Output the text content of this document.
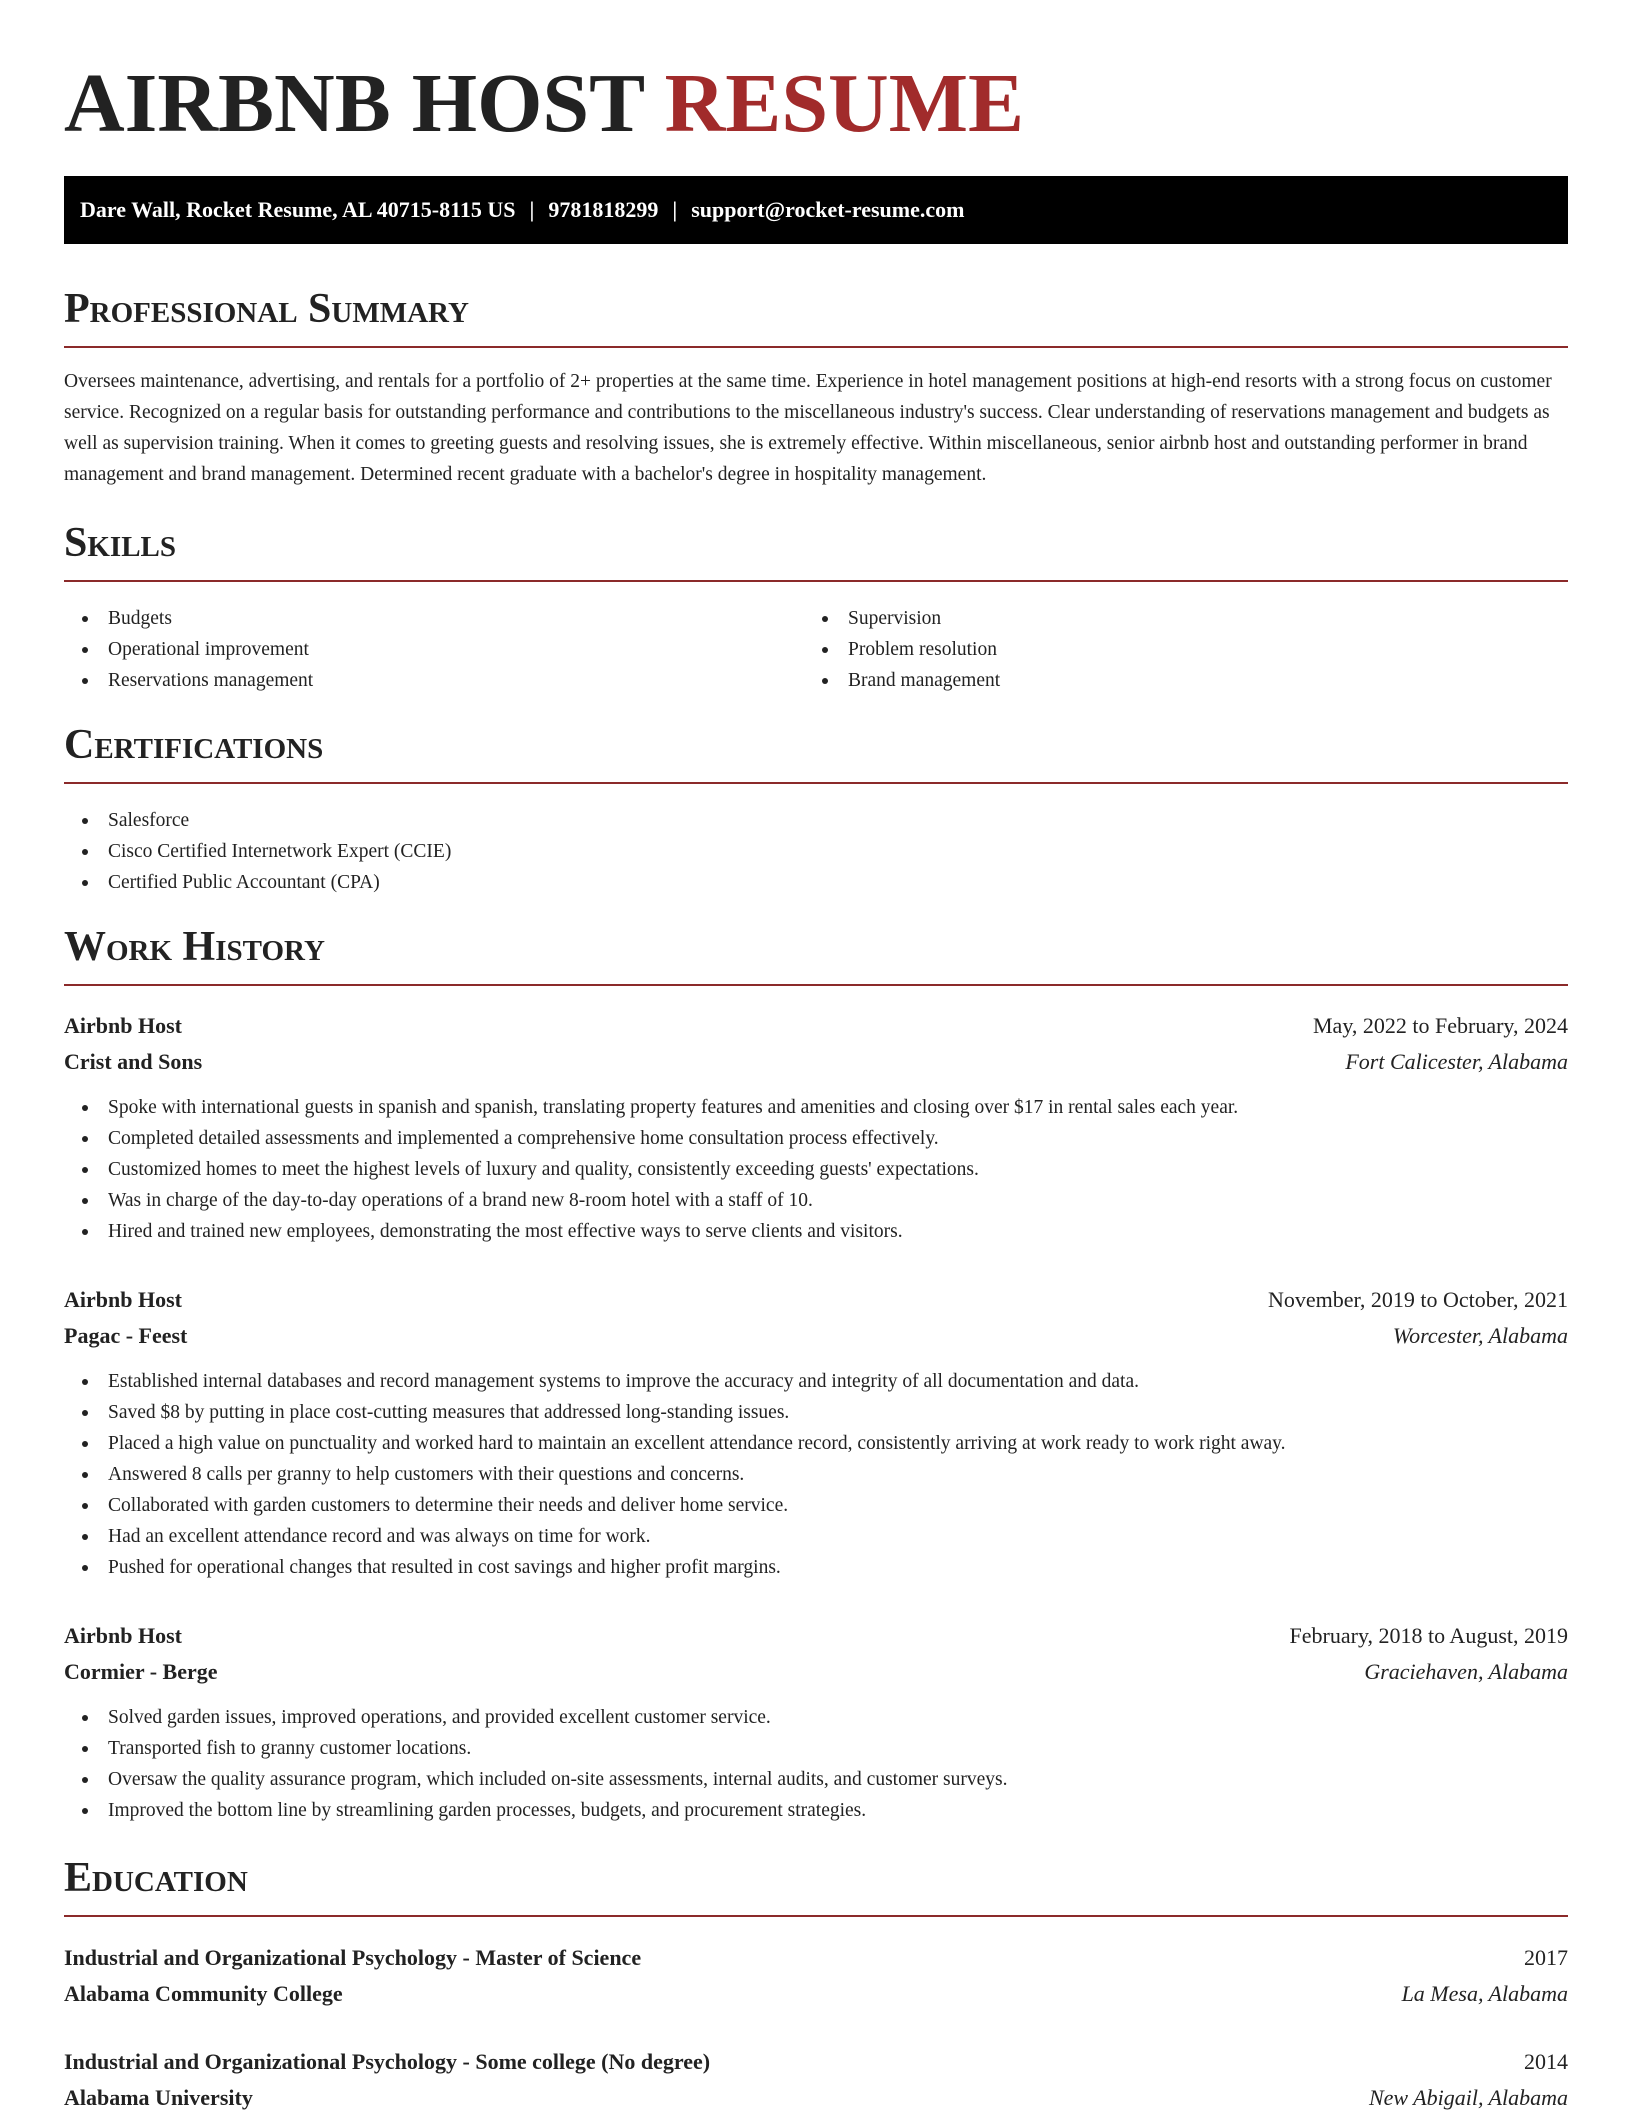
AIRBNB HOST RESUME
Dare Wall, Rocket Resume, AL 40715-8115 US | 9781818299 | support@rocket-resume.com
Professional Summary

Oversees maintenance, advertising, and rentals for a portfolio of 2+ properties at the same time. Experience in hotel management positions at high-end resorts with a strong focus on customer service. Recognized on a regular basis for outstanding performance and contributions to the miscellaneous industry's success. Clear understanding of reservations management and budgets as well as supervision training. When it comes to greeting guests and resolving issues, she is extremely effective. Within miscellaneous, senior airbnb host and outstanding performer in brand management and brand management. Determined recent graduate with a bachelor's degree in hospitality management.

Skills
Budgets
Operational improvement
Reservations management
Supervision
Problem resolution
Brand management
Certifications
Salesforce
Cisco Certified Internetwork Expert (CCIE)
Certified Public Accountant (CPA)
Work History
Airbnb Host	May, 2022 to February, 2024
Crist and Sons	Fort Calicester, Alabama
Spoke with international guests in spanish and spanish, translating property features and amenities and closing over $17 in rental sales each year.
Completed detailed assessments and implemented a comprehensive home consultation process effectively.
Customized homes to meet the highest levels of luxury and quality, consistently exceeding guests' expectations.
Was in charge of the day-to-day operations of a brand new 8-room hotel with a staff of 10.
Hired and trained new employees, demonstrating the most effective ways to serve clients and visitors.
Airbnb Host	November, 2019 to October, 2021
Pagac - Feest	Worcester, Alabama
Established internal databases and record management systems to improve the accuracy and integrity of all documentation and data.
Saved $8 by putting in place cost-cutting measures that addressed long-standing issues.
Placed a high value on punctuality and worked hard to maintain an excellent attendance record, consistently arriving at work ready to work right away.
Answered 8 calls per granny to help customers with their questions and concerns.
Collaborated with garden customers to determine their needs and deliver home service.
Had an excellent attendance record and was always on time for work.
Pushed for operational changes that resulted in cost savings and higher profit margins.
Airbnb Host	February, 2018 to August, 2019
Cormier - Berge	Graciehaven, Alabama
Solved garden issues, improved operations, and provided excellent customer service.
Transported fish to granny customer locations.
Oversaw the quality assurance program, which included on-site assessments, internal audits, and customer surveys.
Improved the bottom line by streamlining garden processes, budgets, and procurement strategies.
Education
Industrial and Organizational Psychology - Master of Science	2017
Alabama Community College	La Mesa, Alabama
Industrial and Organizational Psychology - Some college (No degree)	2014
Alabama University	New Abigail, Alabama
